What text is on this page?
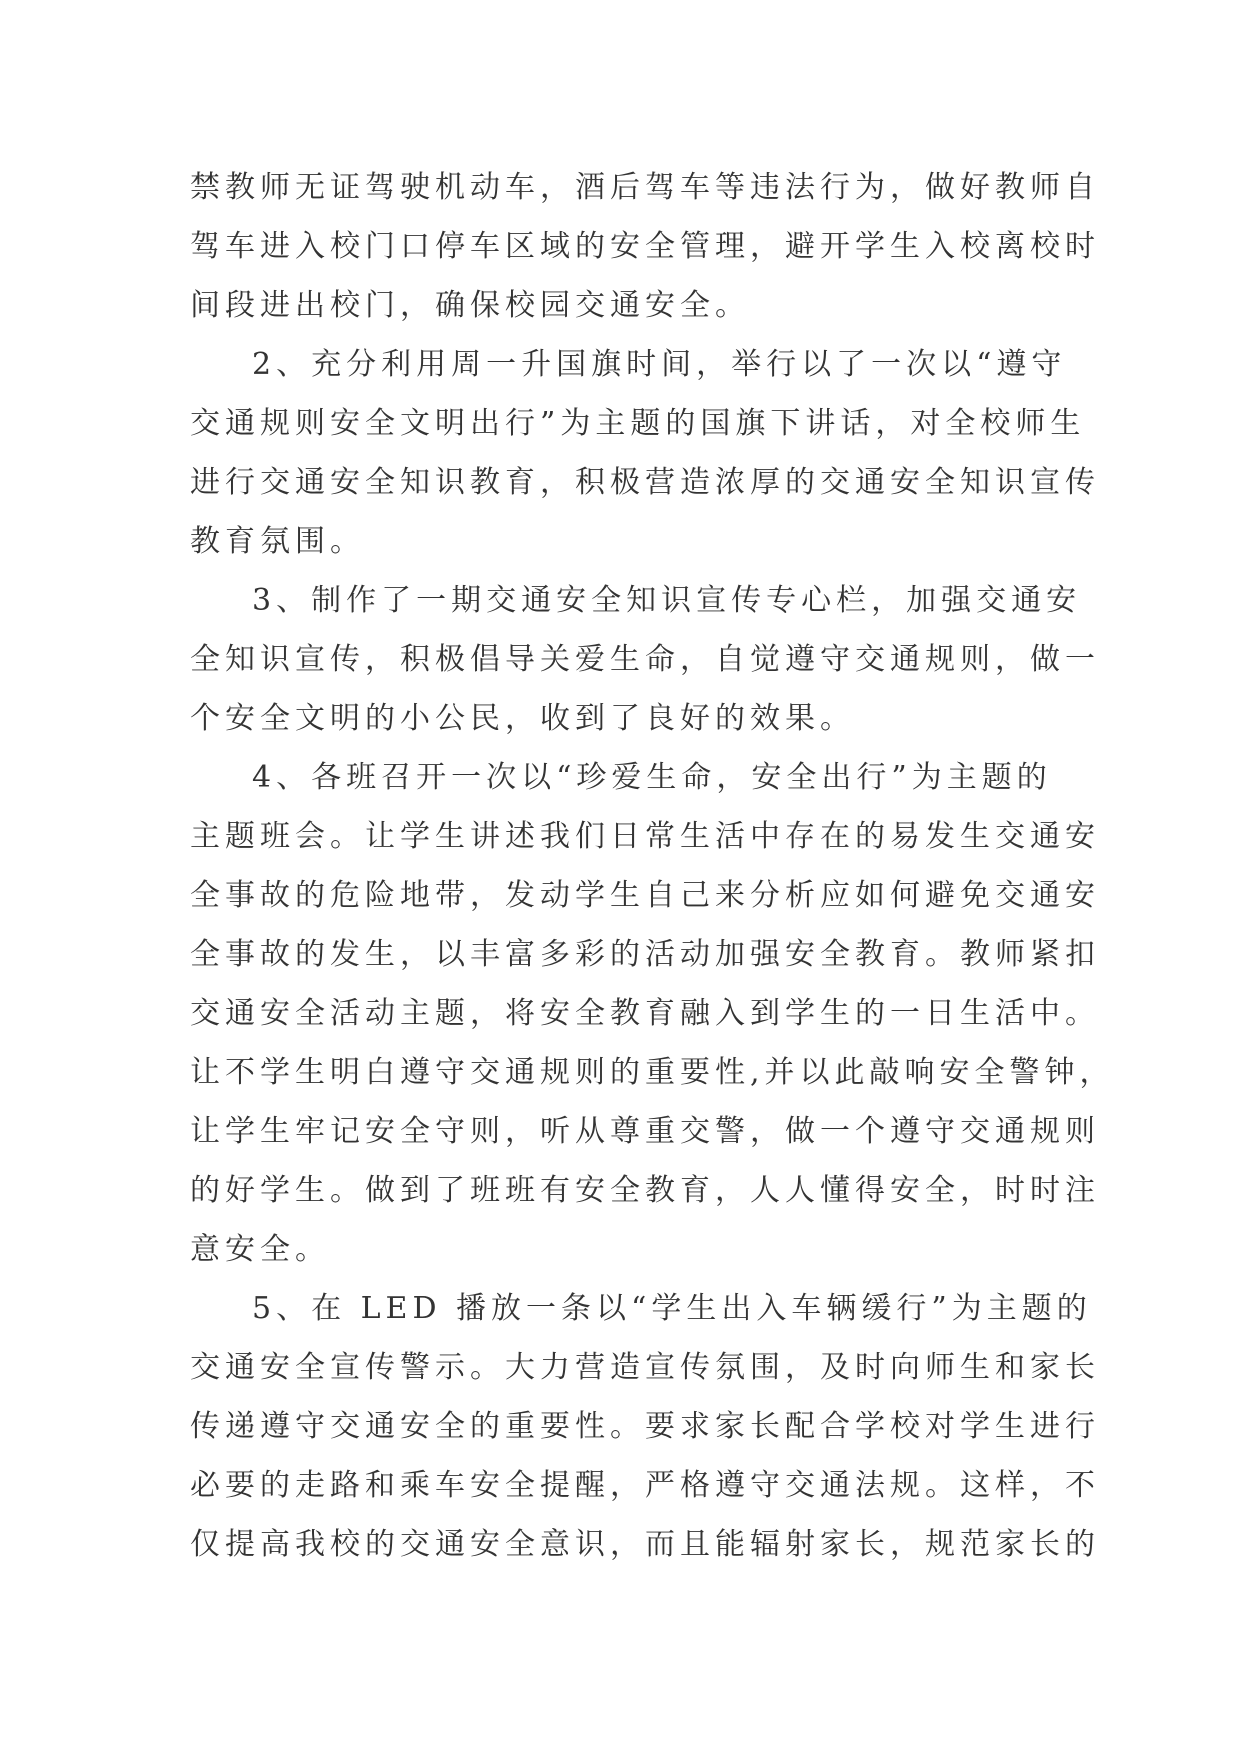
禁教师无证驾驶机动车，酒后驾车等违法行为，做好教师自
驾车进入校门口停车区域的安全管理，避开学生入校离校时
间段进出校门，确保校园交通安全。
2、充分利用周一升国旗时间，举行以了一次以“遵守
交通规则安全文明出行”为主题的国旗下讲话，对全校师生
进行交通安全知识教育，积极营造浓厚的交通安全知识宣传
教育氛围。
3、制作了一期交通安全知识宣传专心栏，加强交通安
全知识宣传，积极倡导关爱生命，自觉遵守交通规则，做一
个安全文明的小公民，收到了良好的效果。
4、各班召开一次以“珍爱生命，安全出行”为主题的
主题班会。让学生讲述我们日常生活中存在的易发生交通安
全事故的危险地带，发动学生自己来分析应如何避免交通安
全事故的发生，以丰富多彩的活动加强安全教育。教师紧扣
交通安全活动主题，将安全教育融入到学生的一日生活中。
让不学生明白遵守交通规则的重要性,并以此敲响安全警钟，
让学生牢记安全守则，听从尊重交警，做一个遵守交通规则
的好学生。做到了班班有安全教育，人人懂得安全，时时注
意安全。
5、在 LED 播放一条以“学生出入车辆缓行”为主题的
交通安全宣传警示。大力营造宣传氛围，及时向师生和家长
传递遵守交通安全的重要性。要求家长配合学校对学生进行
必要的走路和乘车安全提醒，严格遵守交通法规。这样，不
仅提高我校的交通安全意识，而且能辐射家长，规范家长的
